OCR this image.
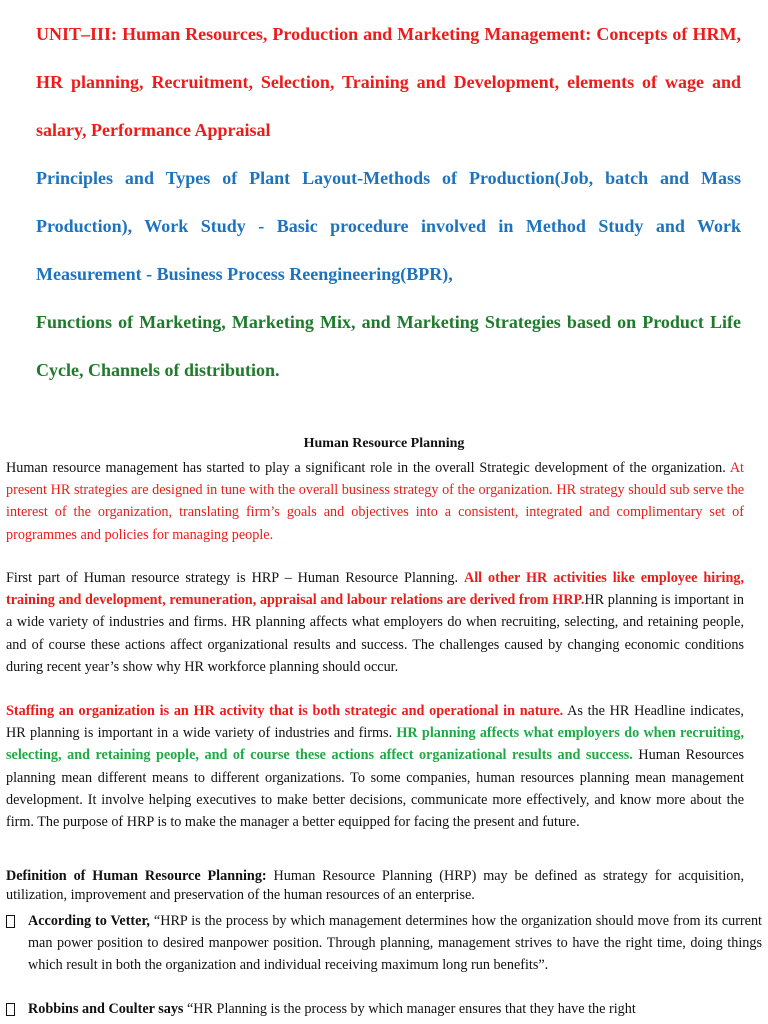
UNIT–III: Human Resources, Production and Marketing Management: Concepts of HRM, HR planning, Recruitment, Selection, Training and Development, elements of wage and salary, Performance Appraisal

Principles and Types of Plant Layout-Methods of Production(Job, batch and Mass Production), Work Study - Basic procedure involved in Method Study and Work Measurement - Business Process Reengineering(BPR),

Functions of Marketing, Marketing Mix, and Marketing Strategies based on Product Life Cycle, Channels of distribution.

Human Resource Planning

Human resource management has started to play a significant role in the overall Strategic development of the organization. At present HR strategies are designed in tune with the overall business strategy of the organization. HR strategy should sub serve the interest of the organization, translating firm’s goals and objectives into a consistent, integrated and complimentary set of programmes and policies for managing people.

First part of Human resource strategy is HRP – Human Resource Planning. All other HR activities like employee hiring, training and development, remuneration, appraisal and labour relations are derived from HRP.HR planning is important in a wide variety of industries and firms. HR planning affects what employers do when recruiting, selecting, and retaining people, and of course these actions affect organizational results and success. The challenges caused by changing economic conditions during recent year’s show why HR workforce planning should occur.

Staffing an organization is an HR activity that is both strategic and operational in nature. As the HR Headline indicates, HR planning is important in a wide variety of industries and firms. HR planning affects what employers do when recruiting, selecting, and retaining people, and of course these actions affect organizational results and success. Human Resources planning mean different means to different organizations. To some companies, human resources planning mean management development. It involve helping executives to make better decisions, communicate more effectively, and know more about the firm. The purpose of HRP is to make the manager a better equipped for facing the present and future.

Definition of Human Resource Planning: Human Resource Planning (HRP) may be defined as strategy for acquisition, utilization, improvement and preservation of the human resources of an enterprise.

According to Vetter, “HRP is the process by which management determines how the organization should move from its current man power position to desired manpower position. Through planning, management strives to have the right time, doing things which result in both the organization and individual receiving maximum long run benefits”.
Robbins and Coulter says “HR Planning is the process by which manager ensures that they have the right
